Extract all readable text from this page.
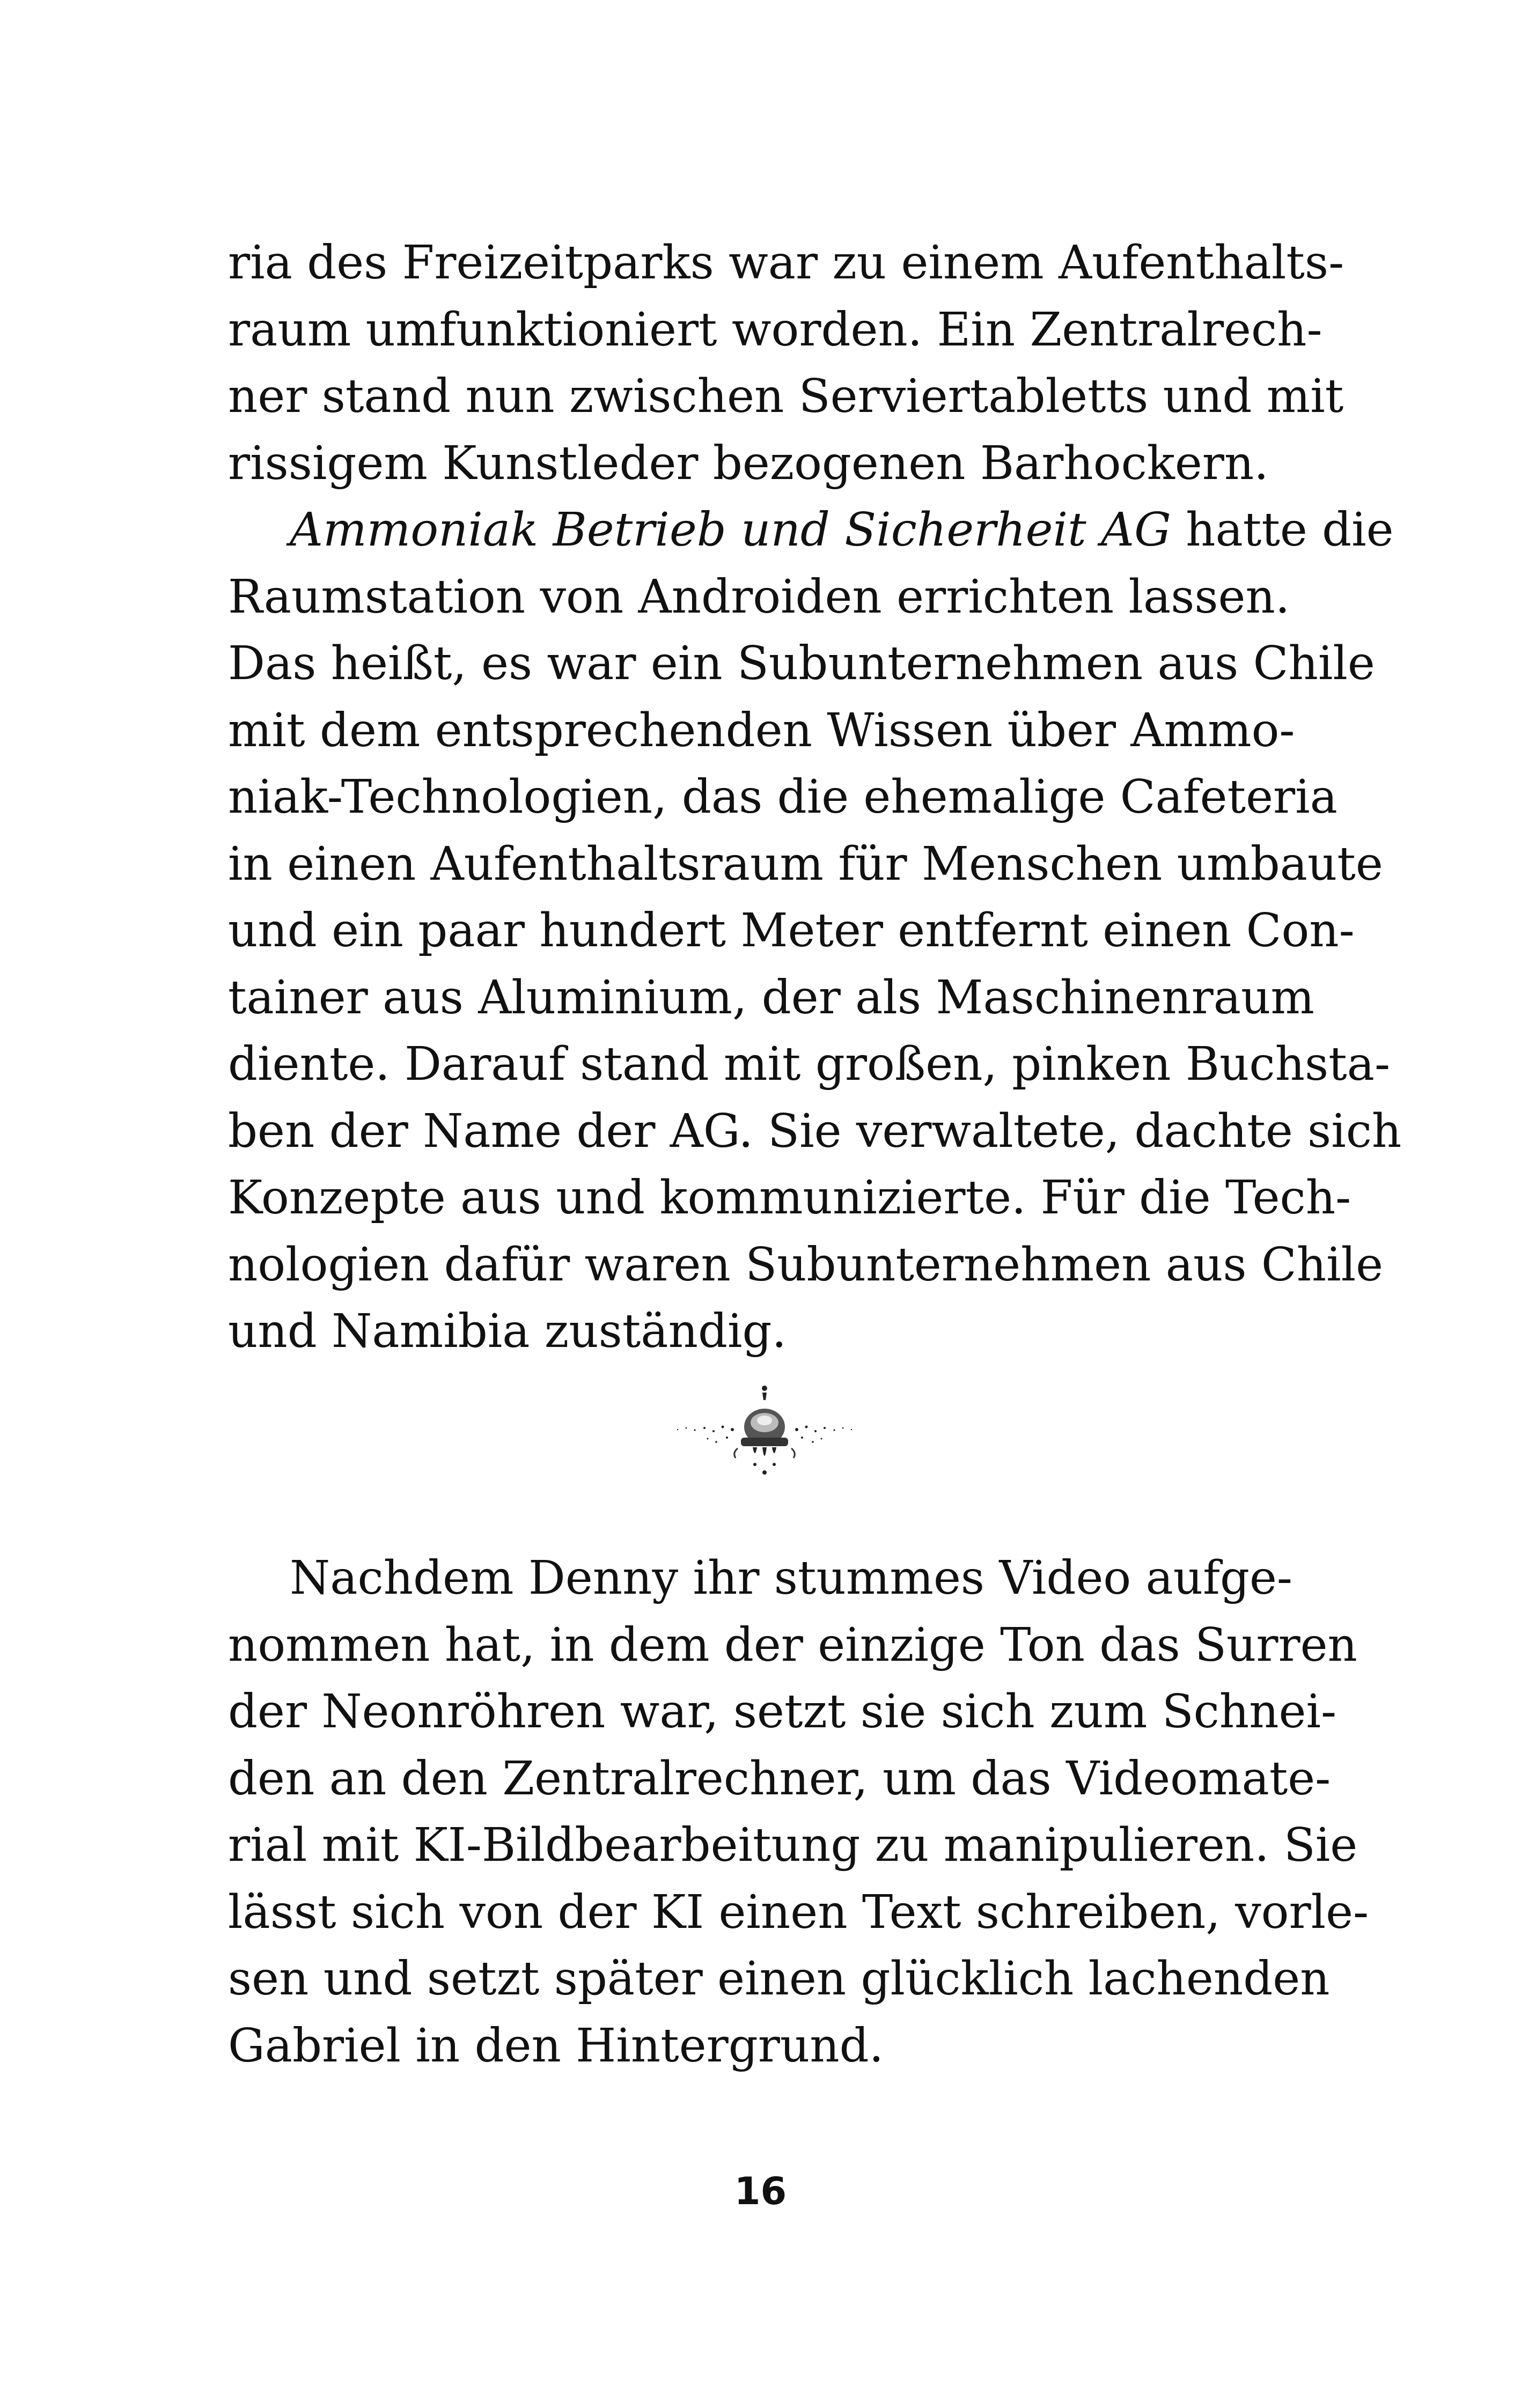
ria des Freizeitparks war zu einem Aufenthalts-
raum umfunktioniert worden. Ein Zentralrech-
ner stand nun zwischen Serviertabletts und mit
rissigem Kunstleder bezogenen Barhockern.
Ammoniak Betrieb und Sicherheit AG hatte die
Raumstation von Androiden errichten lassen.
Das heißt, es war ein Subunternehmen aus Chile
mit dem entsprechenden Wissen über Ammo-
niak-Technologien, das die ehemalige Cafeteria
in einen Aufenthaltsraum für Menschen umbaute
und ein paar hundert Meter entfernt einen Con-
tainer aus Aluminium, der als Maschinenraum
diente. Darauf stand mit großen, pinken Buchsta-
ben der Name der AG. Sie verwaltete, dachte sich
Konzepte aus und kommunizierte. Für die Tech-
nologien dafür waren Subunternehmen aus Chile
und Namibia zuständig.
Nachdem Denny ihr stummes Video aufge-
nommen hat, in dem der einzige Ton das Surren
der Neonröhren war, setzt sie sich zum Schnei-
den an den Zentralrechner, um das Videomate-
rial mit KI-Bildbearbeitung zu manipulieren. Sie
lässt sich von der KI einen Text schreiben, vorle-
sen und setzt später einen glücklich lachenden
Gabriel in den Hintergrund.
16
